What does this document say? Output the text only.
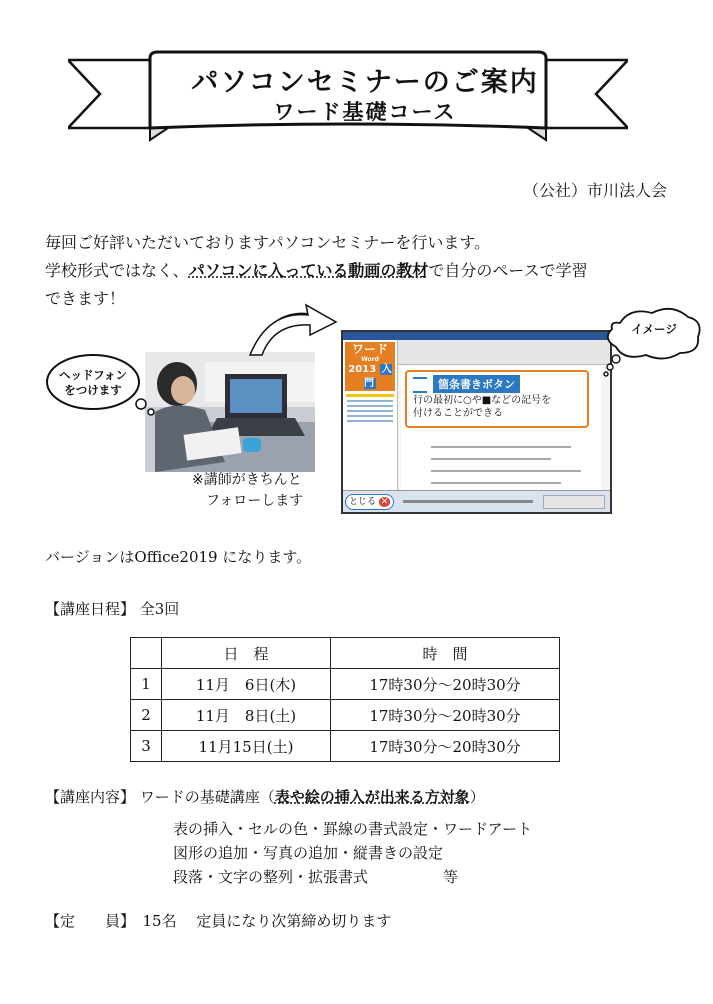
パソコンセミナーのご案内
ワード基礎コース
（公社）市川法人会
毎回ご好評いただいておりますパソコンセミナーを行います。
学校形式ではなく、パソコンに入っている動画の教材で自分のペースで学習
できます！
ヘッドフォン
をつけます
※講師がきちんと
フォローします
ワード
Word
2013 入門	箇条書きボタン
行の最初に○や■などの記号を
付けることができる
とじる ✕
イメージ
バージョンはOffice2019 になります。
【講座日程】 全3回
	日　程	時　間
1	11月　6日(木)	17時30分～20時30分
2	11月　8日(土)	17時30分～20時30分
3	11月15日(土)	17時30分～20時30分
【講座内容】 ワードの基礎講座（表や絵の挿入が出来る方対象）
表の挿入・セルの色・罫線の書式設定・ワードアート
図形の追加・写真の追加・縦書きの設定
段落・文字の整列・拡張書式　　　　　等
【定　　員】　15名　 定員になり次第締め切ります
